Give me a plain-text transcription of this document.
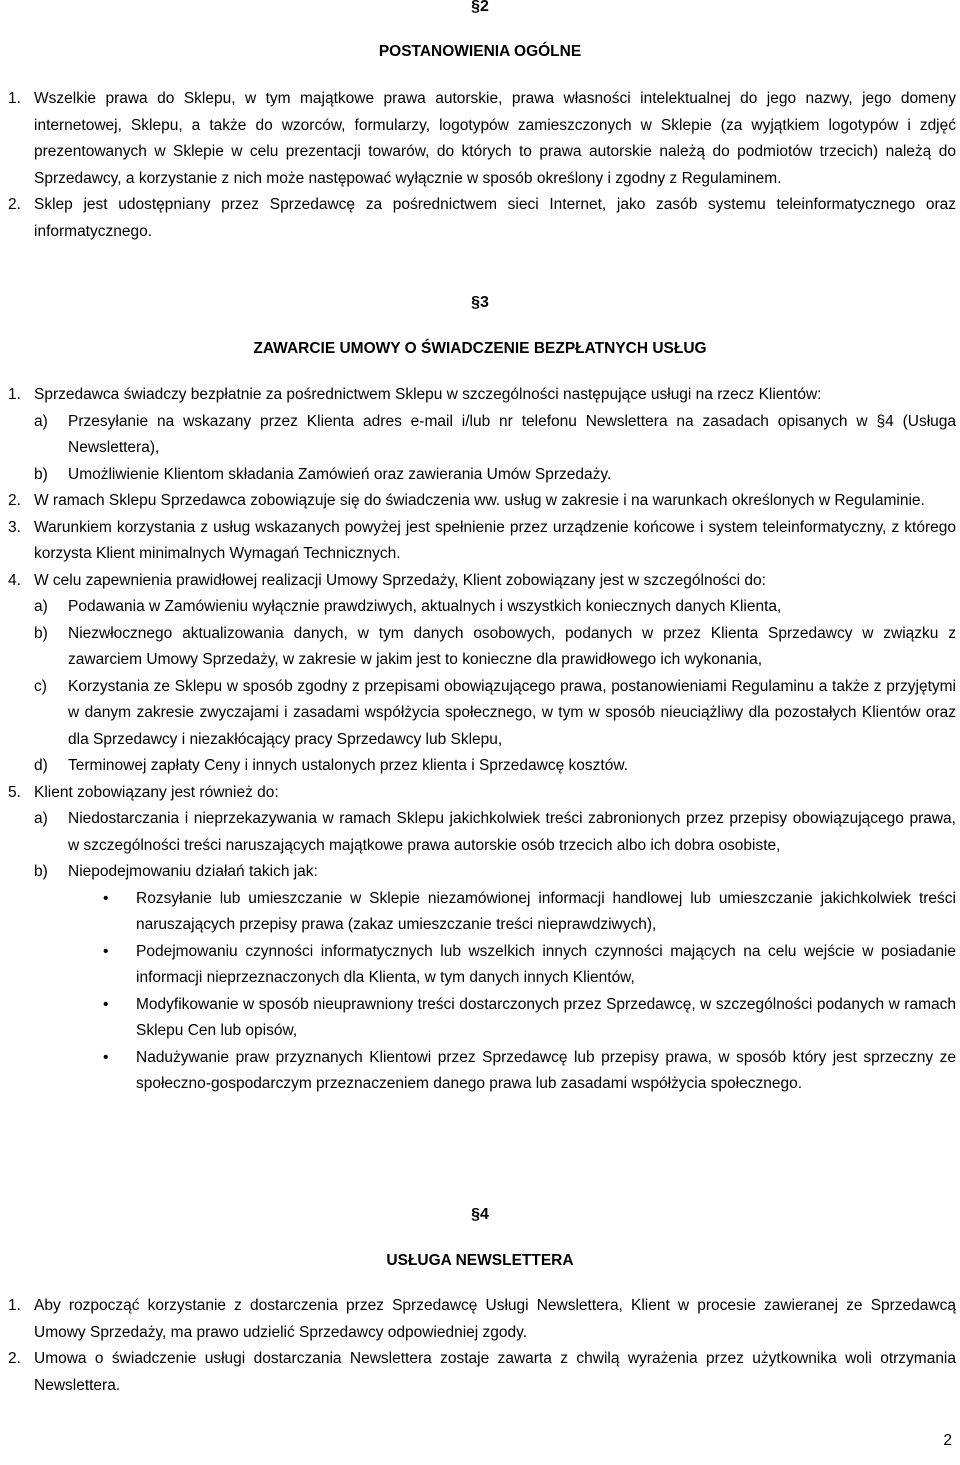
§2

POSTANOWIENIA OGÓLNE

1. Wszelkie prawa do Sklepu, w tym majątkowe prawa autorskie, prawa własności intelektualnej do jego nazwy, jego domeny internetowej, Sklepu, a także do wzorców, formularzy, logotypów zamieszczonych w Sklepie (za wyjątkiem logotypów i zdjęć prezentowanych w Sklepie w celu prezentacji towarów, do których to prawa autorskie należą do podmiotów trzecich) należą do Sprzedawcy, a korzystanie z nich może następować wyłącznie w sposób określony i zgodny z Regulaminem.
2. Sklep jest udostępniany przez Sprzedawcę za pośrednictwem sieci Internet, jako zasób systemu teleinformatycznego oraz informatycznego.

§3

ZAWARCIE UMOWY O ŚWIADCZENIE BEZPŁATNYCH USŁUG

1. Sprzedawca świadczy bezpłatnie za pośrednictwem Sklepu w szczególności następujące usługi na rzecz Klientów:
a) Przesyłanie na wskazany przez Klienta adres e-mail i/lub nr telefonu Newslettera na zasadach opisanych w §4 (Usługa Newslettera),
b) Umożliwienie Klientom składania Zamówień oraz zawierania Umów Sprzedaży.
2. W ramach Sklepu Sprzedawca zobowiązuje się do świadczenia ww. usług w zakresie i na warunkach określonych w Regulaminie.
3. Warunkiem korzystania z usług wskazanych powyżej jest spełnienie przez urządzenie końcowe i system teleinformatyczny, z którego korzysta Klient minimalnych Wymagań Technicznych.
4. W celu zapewnienia prawidłowej realizacji Umowy Sprzedaży, Klient zobowiązany jest w szczególności do:
a) Podawania w Zamówieniu wyłącznie prawdziwych, aktualnych i wszystkich koniecznych danych Klienta,
b) Niezwłocznego aktualizowania danych, w tym danych osobowych, podanych w przez Klienta Sprzedawcy w związku z zawarciem Umowy Sprzedaży, w zakresie w jakim jest to konieczne dla prawidłowego ich wykonania,
c) Korzystania ze Sklepu w sposób zgodny z przepisami obowiązującego prawa, postanowieniami Regulaminu a także z przyjętymi w danym zakresie zwyczajami i zasadami współżycia społecznego, w tym w sposób nieuciążliwy dla pozostałych Klientów oraz dla Sprzedawcy i niezakłócający pracy Sprzedawcy lub Sklepu,
d) Terminowej zapłaty Ceny i innych ustalonych przez klienta i Sprzedawcę kosztów.
5. Klient zobowiązany jest również do:
a) Niedostarczania i nieprzekazywania w ramach Sklepu jakichkolwiek treści zabronionych przez przepisy obowiązującego prawa, w szczególności treści naruszających majątkowe prawa autorskie osób trzecich albo ich dobra osobiste,
b) Niepodejmowaniu działań takich jak:
• Rozsyłanie lub umieszczanie w Sklepie niezamówionej informacji handlowej lub umieszczanie jakichkolwiek treści naruszających przepisy prawa (zakaz umieszczanie treści nieprawdziwych),
• Podejmowaniu czynności informatycznych lub wszelkich innych czynności mających na celu wejście w posiadanie informacji nieprzeznaczonych dla Klienta, w tym danych innych Klientów,
• Modyfikowanie w sposób nieuprawniony treści dostarczonych przez Sprzedawcę, w szczególności podanych w ramach Sklepu Cen lub opisów,
• Nadużywanie praw przyznanych Klientowi przez Sprzedawcę lub przepisy prawa, w sposób który jest sprzeczny ze społeczno-gospodarczym przeznaczeniem danego prawa lub zasadami współżycia społecznego.

§4

USŁUGA NEWSLETTERA

1. Aby rozpocząć korzystanie z dostarczenia przez Sprzedawcę Usługi Newslettera, Klient w procesie zawieranej ze Sprzedawcą Umowy Sprzedaży, ma prawo udzielić Sprzedawcy odpowiedniej zgody.
2. Umowa o świadczenie usługi dostarczania Newslettera zostaje zawarta z chwilą wyrażenia przez użytkownika woli otrzymania Newslettera.

2
